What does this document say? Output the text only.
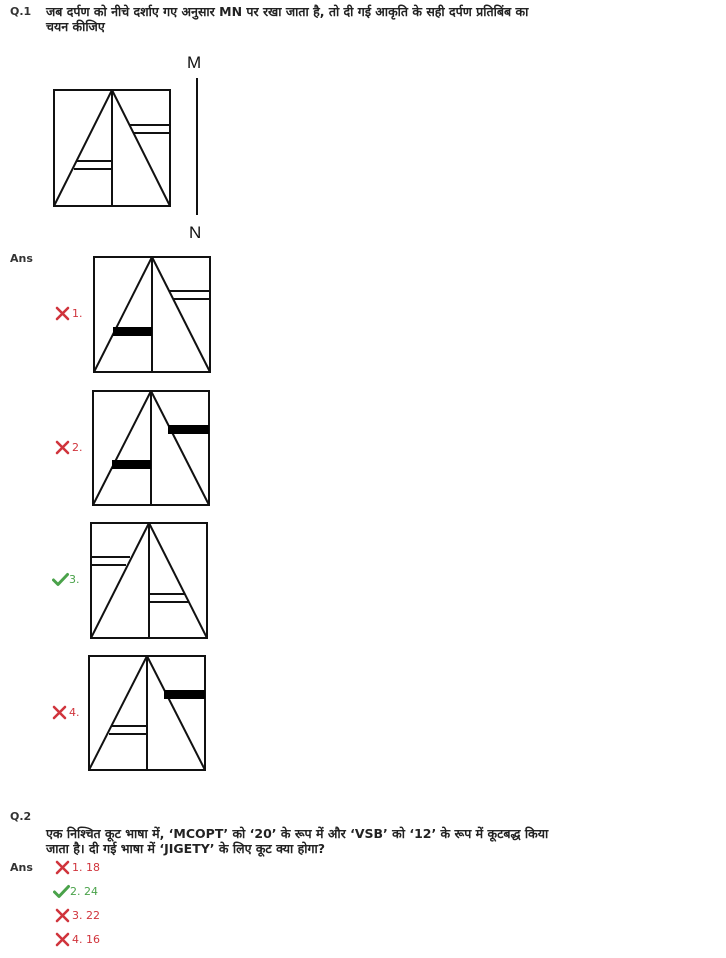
Q.1 जब दर्पण को नीचे दर्शाए गए अनुसार MN पर रखा जाता है, तो दी गई आकृति के सही दर्पण प्रतिबिंब का
चयन कीजिए
M
N
Ans
1.
2.
3.
4.
Q.2
एक निश्चित कूट भाषा में, ‘MCOPT’ को ‘20’ के रूप में और ‘VSB’ को ‘12’ के रूप में कूटबद्ध किया
जाता है। दी गई भाषा में ‘JIGETY’ के लिए कूट क्या होगा?
Ans	1. 18
2. 24
3. 22
4. 16
